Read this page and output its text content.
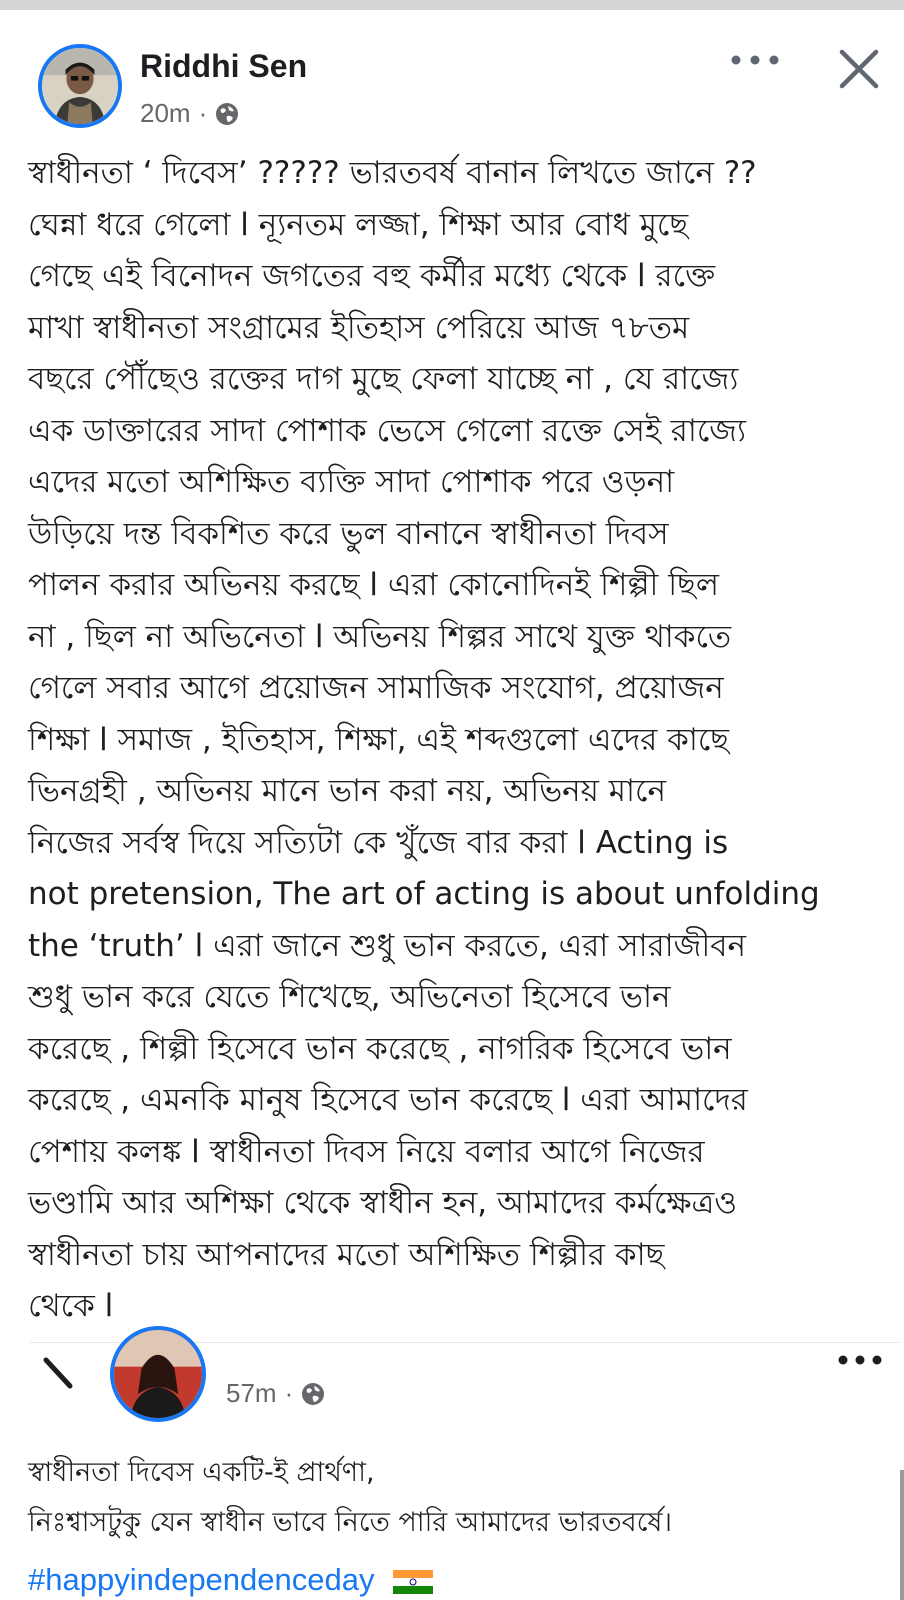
Riddhi Sen
20m ·

স্বাধীনতা ‘ দিবেস’ ????? ভারতবর্ষ বানান লিখতে জানে ??
ঘেন্না ধরে গেলো l ন্যূনতম লজ্জা, শিক্ষা আর বোধ মুছে
গেছে এই বিনোদন জগতের বহু কর্মীর মধ্যে থেকে l রক্তে
মাখা স্বাধীনতা সংগ্রামের ইতিহাস পেরিয়ে আজ ৭৮তম
বছরে পৌঁছেও রক্তের দাগ মুছে ফেলা যাচ্ছে না , যে রাজ্যে
এক ডাক্তারের সাদা পোশাক ভেসে গেলো রক্তে সেই রাজ্যে
এদের মতো অশিক্ষিত ব্যক্তি সাদা পোশাক পরে ওড়না
উড়িয়ে দন্ত বিকশিত করে ভুল বানানে স্বাধীনতা দিবস
পালন করার অভিনয় করছে l এরা কোনোদিনই শিল্পী ছিল
না , ছিল না অভিনেতা l অভিনয় শিল্পর সাথে যুক্ত থাকতে
গেলে সবার আগে প্রয়োজন সামাজিক সংযোগ, প্রয়োজন
শিক্ষা l সমাজ , ইতিহাস, শিক্ষা, এই শব্দগুলো এদের কাছে
ভিনগ্রহী , অভিনয় মানে ভান করা নয়, অভিনয় মানে
নিজের সর্বস্ব দিয়ে সত্যিটা কে খুঁজে বার করা l Acting is
not pretension, The art of acting is about unfolding
the ‘truth’ l এরা জানে শুধু ভান করতে, এরা সারাজীবন
শুধু ভান করে যেতে শিখেছে, অভিনেতা হিসেবে ভান
করেছে , শিল্পী হিসেবে ভান করেছে , নাগরিক হিসেবে ভান
করেছে , এমনকি মানুষ হিসেবে ভান করেছে l এরা আমাদের
পেশায় কলঙ্ক l স্বাধীনতা দিবস নিয়ে বলার আগে নিজের
ভণ্ডামি আর অশিক্ষা থেকে স্বাধীন হন, আমাদের কর্মক্ষেত্রও
স্বাধীনতা চায় আপনাদের মতো অশিক্ষিত শিল্পীর কাছ
থেকে l

57m ·

স্বাধীনতা দিবেস একটি-ই প্রার্থণা,
নিঃশ্বাসটুকু যেন স্বাধীন ভাবে নিতে পারি আমাদের ভারতবর্ষে।

#happyindependenceday
